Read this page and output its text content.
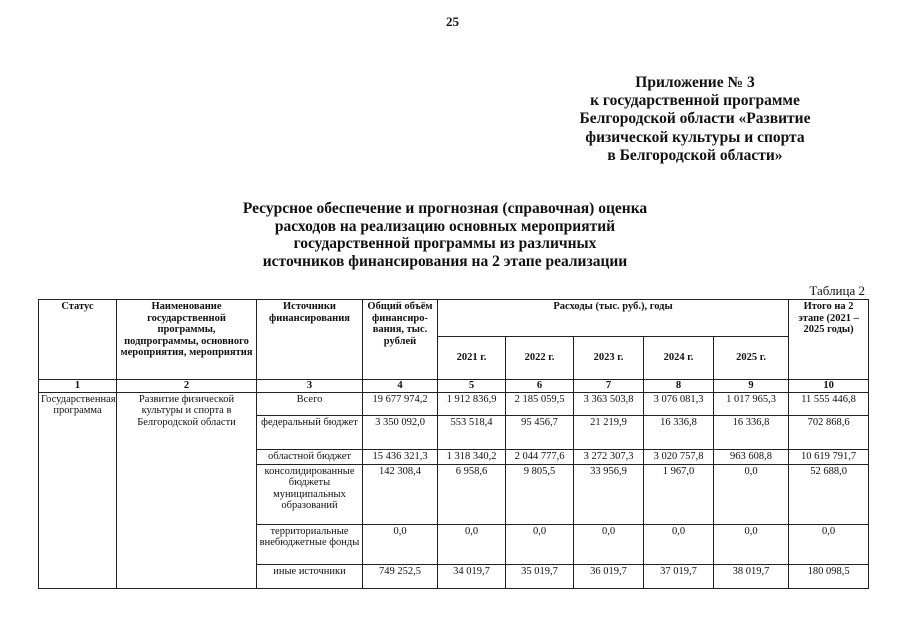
25
Приложение № 3
к государственной программе
Белгородской области «Развитие
физической культуры и спорта
в Белгородской области»
Ресурсное обеспечение и прогнозная (справочная) оценка
расходов на реализацию основных мероприятий
государственной программы из различных
источников финансирования на 2 этапе реализации
Таблица 2
Статус	Наименование государственной программы, подпрограммы, основного мероприятия, мероприятия	Источники финансирования	Общий объём финансиро-вания, тыс. рублей	Расходы (тыс. руб.), годы					Итого на 2 этапе (2021 – 2025 годы)
				2021 г.	2022 г.	2023 г.	2024 г.	2025 г.	
1	2	3	4	5	6	7	8	9	10
Государственная программа	Развитие физической культуры и спорта в Белгородской области	Всего	19 677 974,2	1 912 836,9	2 185 059,5	3 363 503,8	3 076 081,3	1 017 965,3	11 555 446,8
		федеральный бюджет	3 350 092,0	553 518,4	95 456,7	21 219,9	16 336,8	16 336,8	702 868,6
		областной бюджет	15 436 321,3	1 318 340,2	2 044 777,6	3 272 307,3	3 020 757,8	963 608,8	10 619 791,7
		консолидированные бюджеты муниципальных образований	142 308,4	6 958,6	9 805,5	33 956,9	1 967,0	0,0	52 688,0
		территориальные внебюджетные фонды	0,0	0,0	0,0	0,0	0,0	0,0	0,0
		иные источники	749 252,5	34 019,7	35 019,7	36 019,7	37 019,7	38 019,7	180 098,5
